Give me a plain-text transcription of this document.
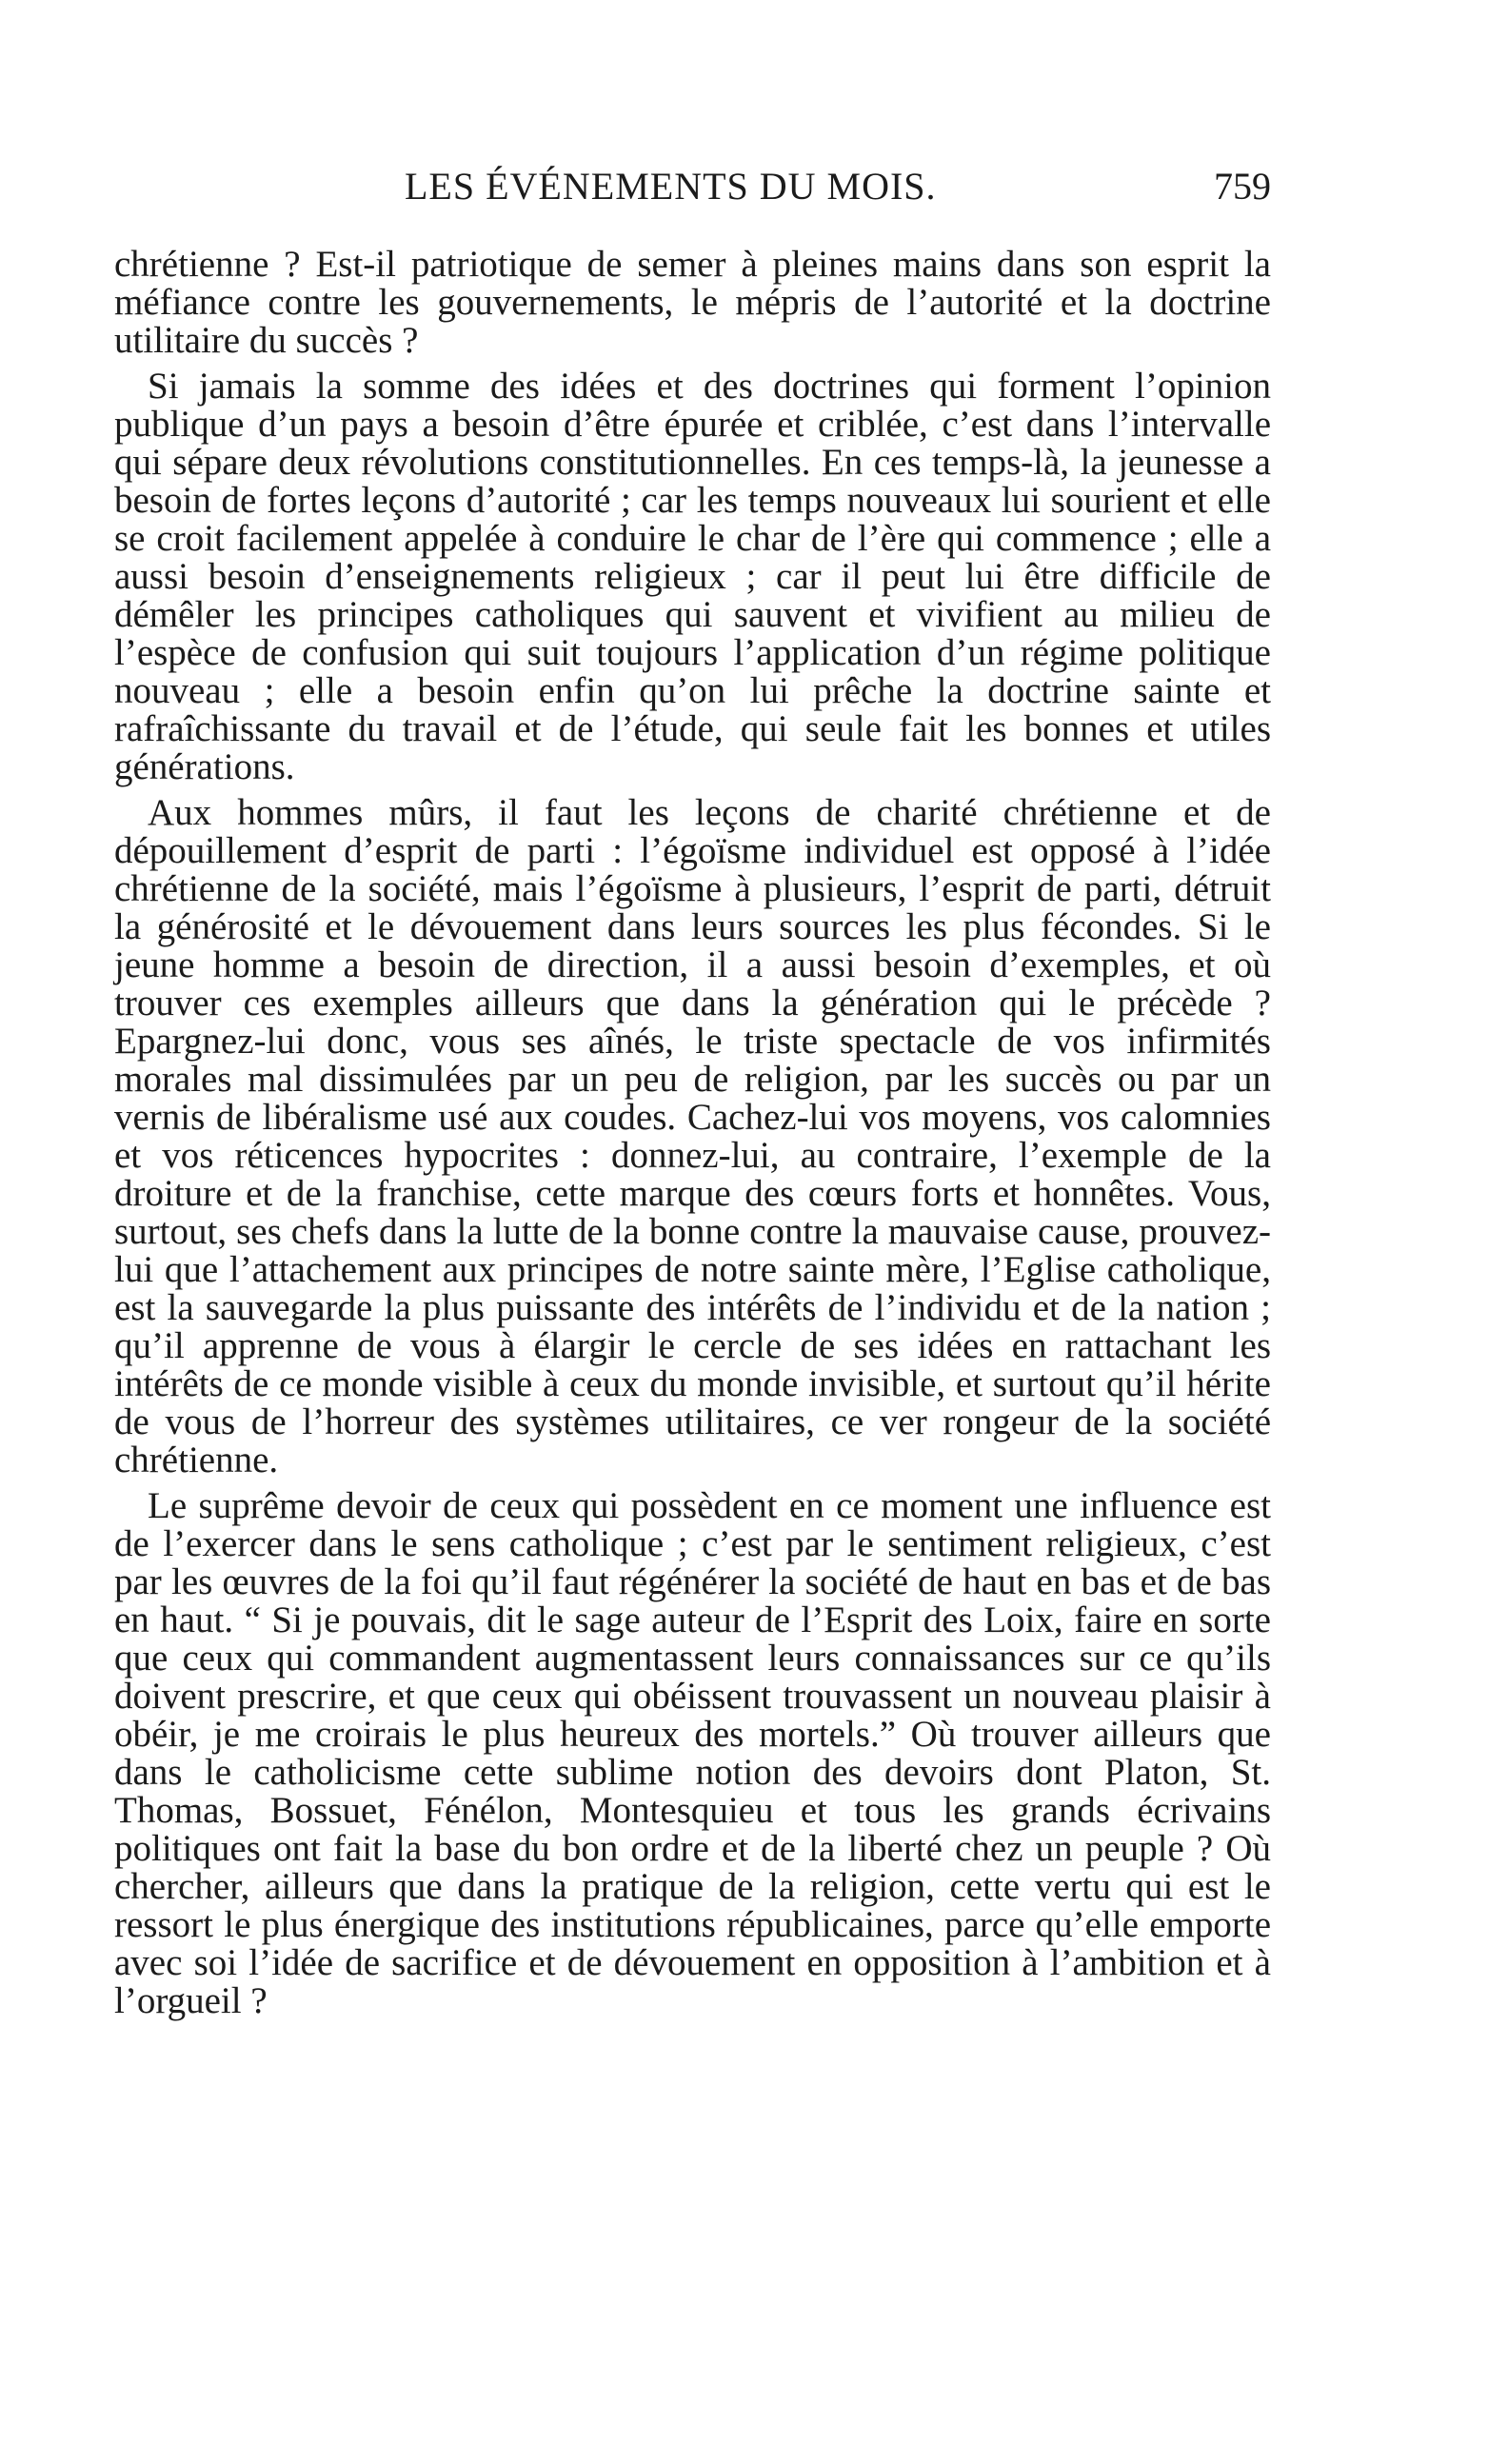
LES ÉVÉNEMENTS DU MOIS.	759

chrétienne ? Est-il patriotique de semer à pleines mains dans son esprit la méfiance contre les gouvernements, le mépris de l’autorité et la doctrine utilitaire du succès ?

Si jamais la somme des idées et des doctrines qui forment l’opinion publique d’un pays a besoin d’être épurée et criblée, c’est dans l’intervalle qui sépare deux révolutions constitutionnelles. En ces temps-là, la jeunesse a besoin de fortes leçons d’autorité ; car les temps nouveaux lui sourient et elle se croit facilement appelée à conduire le char de l’ère qui commence ; elle a aussi besoin d’enseignements religieux ; car il peut lui être difficile de démêler les principes catholiques qui sauvent et vivifient au milieu de l’espèce de confusion qui suit toujours l’application d’un régime politique nouveau ; elle a besoin enfin qu’on lui prêche la doctrine sainte et rafraîchissante du travail et de l’étude, qui seule fait les bonnes et utiles générations.

Aux hommes mûrs, il faut les leçons de charité chrétienne et de dépouillement d’esprit de parti : l’égoïsme individuel est opposé à l’idée chrétienne de la société, mais l’égoïsme à plusieurs, l’esprit de parti, détruit la générosité et le dévouement dans leurs sources les plus fécondes. Si le jeune homme a besoin de direction, il a aussi besoin d’exemples, et où trouver ces exemples ailleurs que dans la génération qui le précède ? Epargnez-lui donc, vous ses aînés, le triste spectacle de vos infirmités morales mal dissimulées par un peu de religion, par les succès ou par un vernis de libéralisme usé aux coudes. Cachez-lui vos moyens, vos calomnies et vos réticences hypocrites : donnez-lui, au contraire, l’exemple de la droiture et de la franchise, cette marque des cœurs forts et honnêtes. Vous, surtout, ses chefs dans la lutte de la bonne contre la mauvaise cause, prouvez-lui que l’attachement aux principes de notre sainte mère, l’Eglise catholique, est la sauvegarde la plus puissante des intérêts de l’individu et de la nation ; qu’il apprenne de vous à élargir le cercle de ses idées en rattachant les intérêts de ce monde visible à ceux du monde invisible, et surtout qu’il hérite de vous de l’horreur des systèmes utilitaires, ce ver rongeur de la société chrétienne.

Le suprême devoir de ceux qui possèdent en ce moment une influence est de l’exercer dans le sens catholique ; c’est par le sentiment religieux, c’est par les œuvres de la foi qu’il faut régénérer la société de haut en bas et de bas en haut. “ Si je pouvais, dit le sage auteur de l’Esprit des Loix, faire en sorte que ceux qui commandent augmentassent leurs connaissances sur ce qu’ils doivent prescrire, et que ceux qui obéissent trouvassent un nouveau plaisir à obéir, je me croirais le plus heureux des mortels.” Où trouver ailleurs que dans le catholicisme cette sublime notion des devoirs dont Platon, St. Thomas, Bossuet, Fénélon, Montesquieu et tous les grands écrivains politiques ont fait la base du bon ordre et de la liberté chez un peuple ? Où chercher, ailleurs que dans la pratique de la religion, cette vertu qui est le ressort le plus énergique des institutions républicaines, parce qu’elle emporte avec soi l’idée de sacrifice et de dévouement en opposition à l’ambition et à l’orgueil ?
